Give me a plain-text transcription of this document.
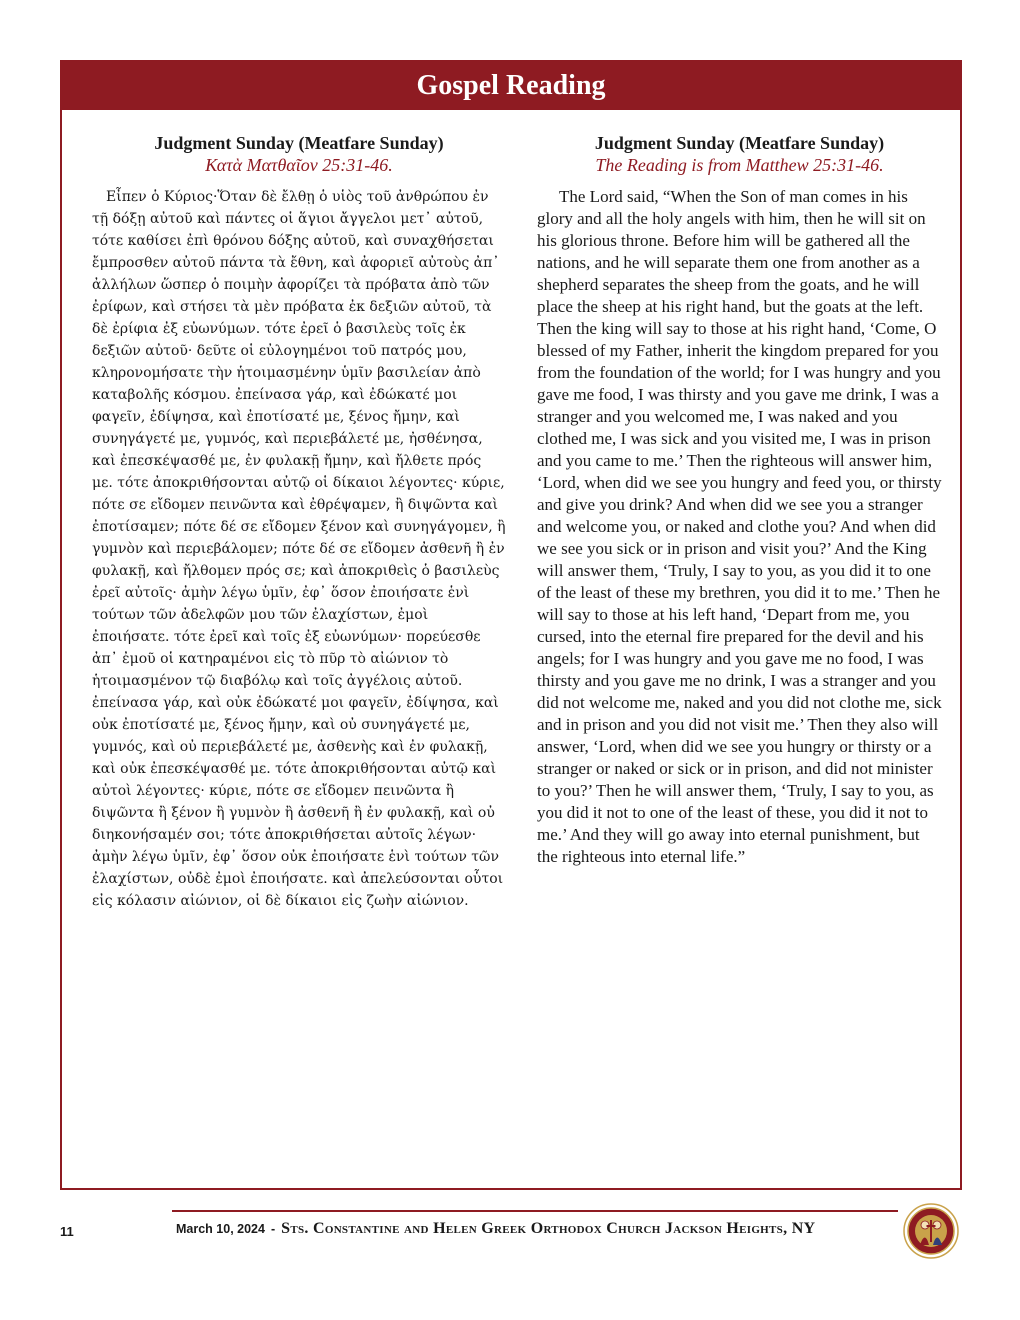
Gospel Reading
Judgment Sunday (Meatfare Sunday)
Κατὰ Ματθαῖον 25:31-46.

Εἶπεν ὁ Κύριος·Ὅταν δὲ ἔλθῃ ὁ υἱὸς τοῦ ἀνθρώπου ἐν τῇ δόξῃ αὐτοῦ καὶ πάντες οἱ ἅγιοι ἄγγελοι μετ᾽ αὐτοῦ, τότε καθίσει ἐπὶ θρόνου δόξης αὐτοῦ, καὶ συναχθήσεται ἔμπροσθεν αὐτοῦ πάντα τὰ ἔθνη, καὶ ἀφοριεῖ αὐτοὺς ἀπ᾽ ἀλλήλων ὥσπερ ὁ ποιμὴν ἀφορίζει τὰ πρόβατα ἀπὸ τῶν ἐρίφων, καὶ στήσει τὰ μὲν πρόβατα ἐκ δεξιῶν αὐτοῦ, τὰ δὲ ἐρίφια ἐξ εὐωνύμων. τότε ἐρεῖ ὁ βασιλεὺς τοῖς ἐκ δεξιῶν αὐτοῦ· δεῦτε οἱ εὐλογημένοι τοῦ πατρός μου, κληρονομήσατε τὴν ἡτοιμασμένην ὑμῖν βασιλείαν ἀπὸ καταβολῆς κόσμου. ἐπείνασα γάρ, καὶ ἐδώκατέ μοι φαγεῖν, ἐδίψησα, καὶ ἐποτίσατέ με, ξένος ἤμην, καὶ συνηγάγετέ με, γυμνός, καὶ περιεβάλετέ με, ἠσθένησα, καὶ ἐπεσκέψασθέ με, ἐν φυλακῇ ἤμην, καὶ ἤλθετε πρός με. τότε ἀποκριθήσονται αὐτῷ οἱ δίκαιοι λέγοντες· κύριε, πότε σε εἴδομεν πεινῶντα καὶ ἐθρέψαμεν, ἢ διψῶντα καὶ ἐποτίσαμεν; πότε δέ σε εἴδομεν ξένον καὶ συνηγάγομεν, ἢ γυμνὸν καὶ περιεβάλομεν; πότε δέ σε εἴδομεν ἀσθενῆ ἢ ἐν φυλακῇ, καὶ ἤλθομεν πρός σε; καὶ ἀποκριθεὶς ὁ βασιλεὺς ἐρεῖ αὐτοῖς· ἀμὴν λέγω ὑμῖν, ἐφ᾽ ὅσον ἐποιήσατε ἑνὶ τούτων τῶν ἀδελφῶν μου τῶν ἐλαχίστων, ἐμοὶ ἐποιήσατε. τότε ἐρεῖ καὶ τοῖς ἐξ εὐωνύμων· πορεύεσθε ἀπ᾽ ἐμοῦ οἱ κατηραμένοι εἰς τὸ πῦρ τὸ αἰώνιον τὸ ἡτοιμασμένον τῷ διαβόλῳ καὶ τοῖς ἀγγέλοις αὐτοῦ. ἐπείνασα γάρ, καὶ οὐκ ἐδώκατέ μοι φαγεῖν, ἐδίψησα, καὶ οὐκ ἐποτίσατέ με, ξένος ἤμην, καὶ οὐ συνηγάγετέ με, γυμνός, καὶ οὐ περιεβάλετέ με, ἀσθενὴς καὶ ἐν φυλακῇ, καὶ οὐκ ἐπεσκέψασθέ με. τότε ἀποκριθήσονται αὐτῷ καὶ αὐτοὶ λέγοντες· κύριε, πότε σε εἴδομεν πεινῶντα ἢ διψῶντα ἢ ξένον ἢ γυμνὸν ἢ ἀσθενῆ ἢ ἐν φυλακῇ, καὶ οὐ διηκονήσαμέν σοι; τότε ἀποκριθήσεται αὐτοῖς λέγων· ἀμὴν λέγω ὑμῖν, ἐφ᾽ ὅσον οὐκ ἐποιήσατε ἑνὶ τούτων τῶν ἐλαχίστων, οὐδὲ ἐμοὶ ἐποιήσατε. καὶ ἀπελεύσονται οὗτοι εἰς κόλασιν αἰώνιον, οἱ δὲ δίκαιοι εἰς ζωὴν αἰώνιον.

Judgment Sunday (Meatfare Sunday)
The Reading is from Matthew 25:31-46.

The Lord said, “When the Son of man comes in his glory and all the holy angels with him, then he will sit on his glorious throne. Before him will be gathered all the nations, and he will separate them one from another as a shepherd separates the sheep from the goats, and he will place the sheep at his right hand, but the goats at the left. Then the king will say to those at his right hand, ‘Come, O blessed of my Father, inherit the kingdom prepared for you from the foundation of the world; for I was hungry and you gave me food, I was thirsty and you gave me drink, I was a stranger and you welcomed me, I was naked and you clothed me, I was sick and you visited me, I was in prison and you came to me.’ Then the righteous will answer him, ‘Lord, when did we see you hungry and feed you, or thirsty and give you drink? And when did we see you a stranger and welcome you, or naked and clothe you? And when did we see you sick or in prison and visit you?’ And the King will answer them, ‘Truly, I say to you, as you did it to one of the least of these my brethren, you did it to me.’ Then he will say to those at his left hand, ‘Depart from me, you cursed, into the eternal fire prepared for the devil and his angels; for I was hungry and you gave me no food, I was thirsty and you gave me no drink, I was a stranger and you did not welcome me, naked and you did not clothe me, sick and in prison and you did not visit me.’ Then they also will answer, ‘Lord, when did we see you hungry or thirsty or a stranger or naked or sick or in prison, and did not minister to you?’ Then he will answer them, ‘Truly, I say to you, as you did it not to one of the least of these, you did it not to me.’ And they will go away into eternal punishment, but the righteous into eternal life.”

11	March 10, 2024 - Sts. Constantine and Helen Greek Orthodox Church Jackson Heights, NY
